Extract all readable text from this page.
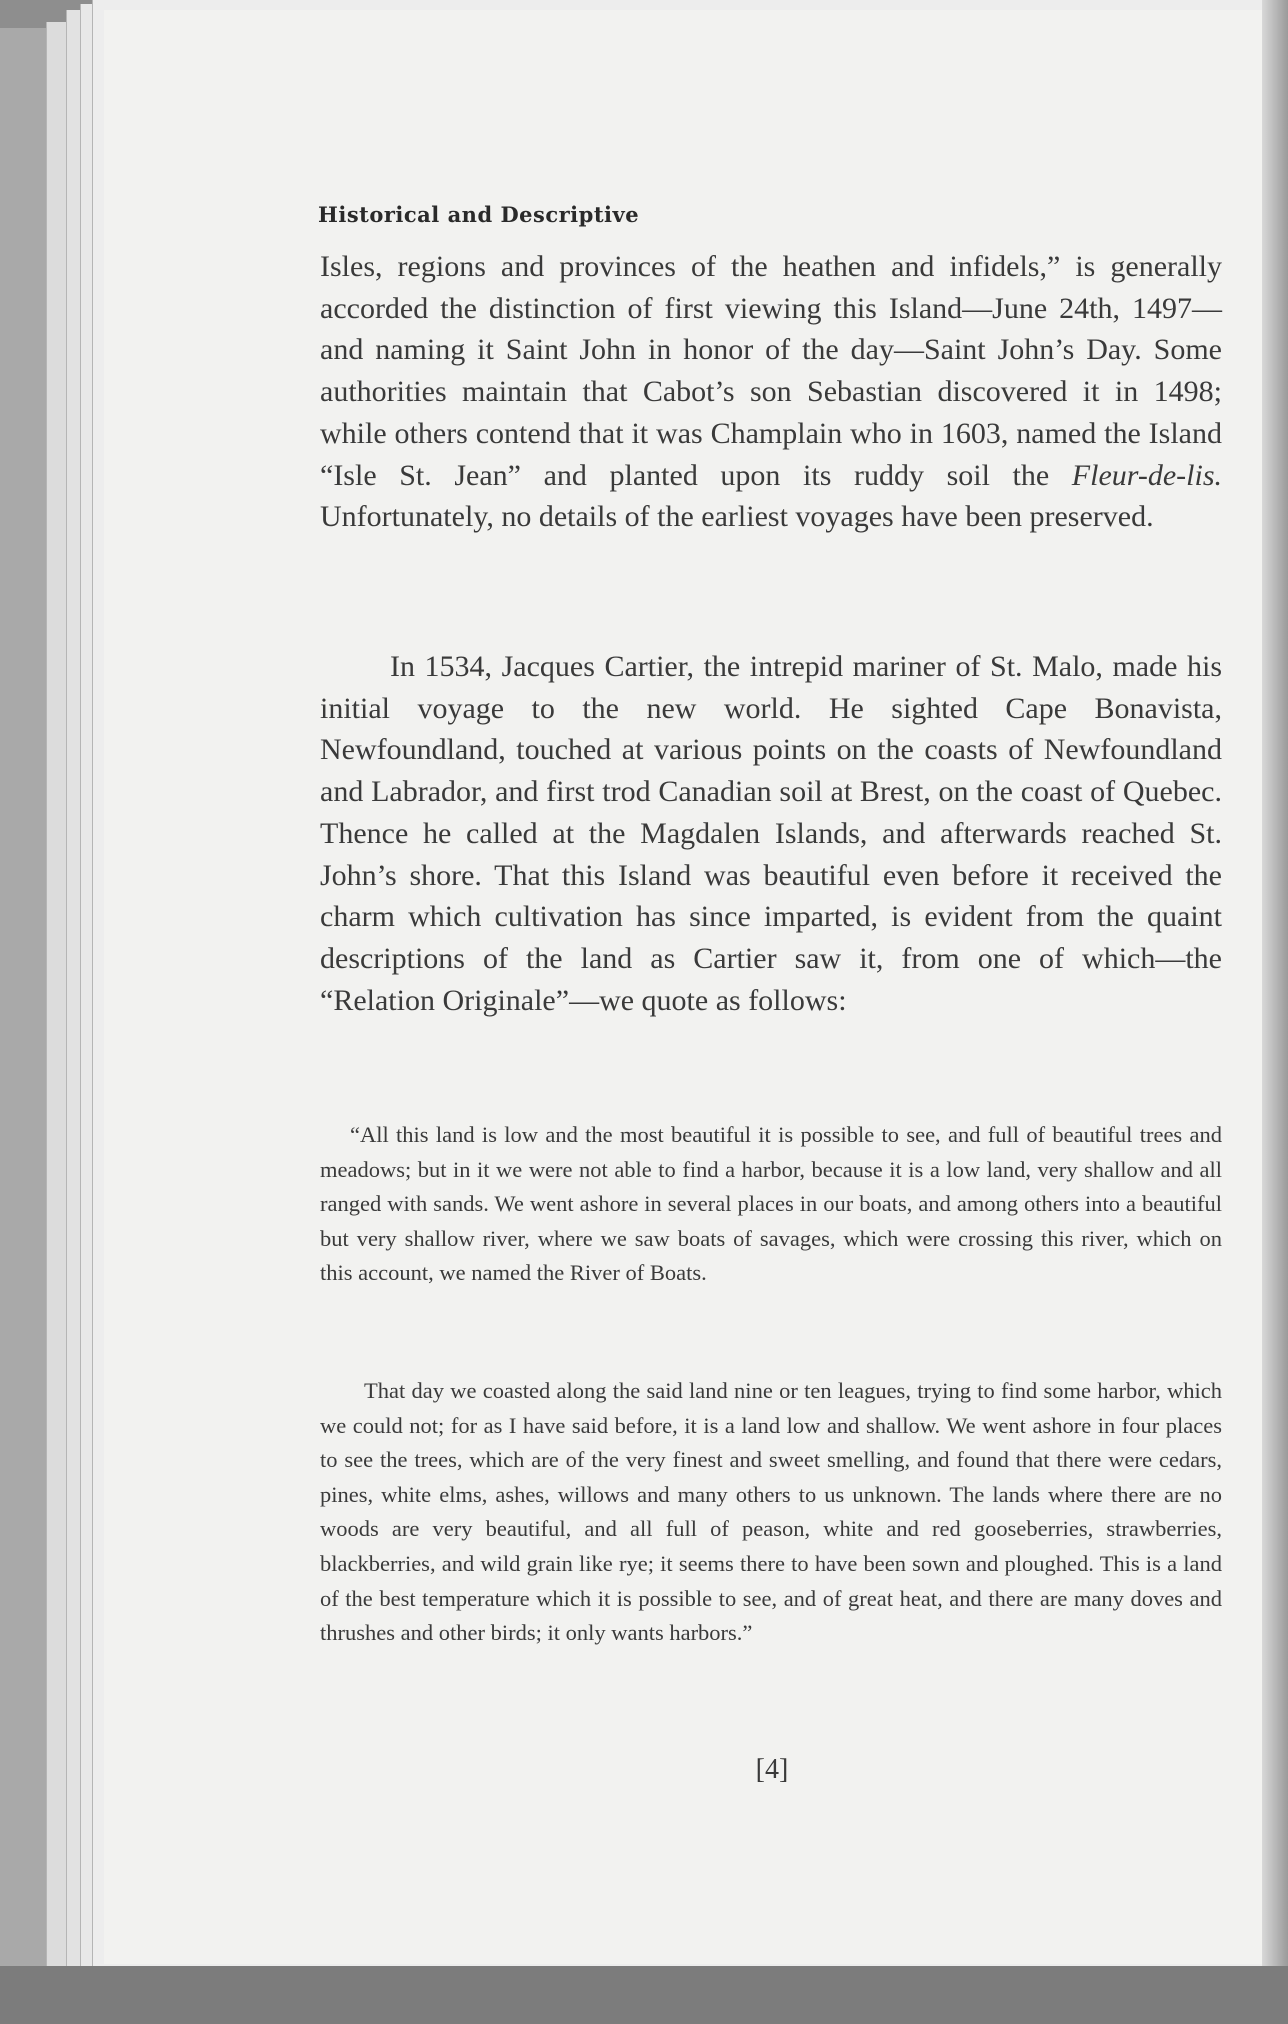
Historical and Descriptive
Isles, regions and provinces of the heathen and infidels,” is generally accorded the distinction of first viewing this Island—June 24th, 1497—and naming it Saint John in honor of the day—Saint John’s Day. Some authorities maintain that Cabot’s son Sebastian discovered it in 1498; while others contend that it was Champlain who in 1603, named the Island “Isle St. Jean” and planted upon its ruddy soil the Fleur-de-lis. Unfortunately, no details of the earliest voyages have been preserved.
In 1534, Jacques Cartier, the intrepid mariner of St. Malo, made his initial voyage to the new world. He sighted Cape Bonavista, Newfoundland, touched at various points on the coasts of Newfoundland and Labrador, and first trod Canadian soil at Brest, on the coast of Quebec. Thence he called at the Magdalen Islands, and afterwards reached St. John’s shore. That this Island was beautiful even before it received the charm which cultivation has since imparted, is evident from the quaint descriptions of the land as Cartier saw it, from one of which—the “Relation Originale”—we quote as follows:
“All this land is low and the most beautiful it is possible to see, and full of beautiful trees and meadows; but in it we were not able to find a harbor, because it is a low land, very shallow and all ranged with sands. We went ashore in several places in our boats, and among others into a beautiful but very shallow river, where we saw boats of savages, which were crossing this river, which on this account, we named the River of Boats.
That day we coasted along the said land nine or ten leagues, trying to find some harbor, which we could not; for as I have said before, it is a land low and shallow. We went ashore in four places to see the trees, which are of the very finest and sweet smelling, and found that there were cedars, pines, white elms, ashes, willows and many others to us unknown. The lands where there are no woods are very beautiful, and all full of peason, white and red gooseberries, strawberries, blackberries, and wild grain like rye; it seems there to have been sown and ploughed. This is a land of the best temperature which it is possible to see, and of great heat, and there are many doves and thrushes and other birds; it only wants harbors.”
[4]
